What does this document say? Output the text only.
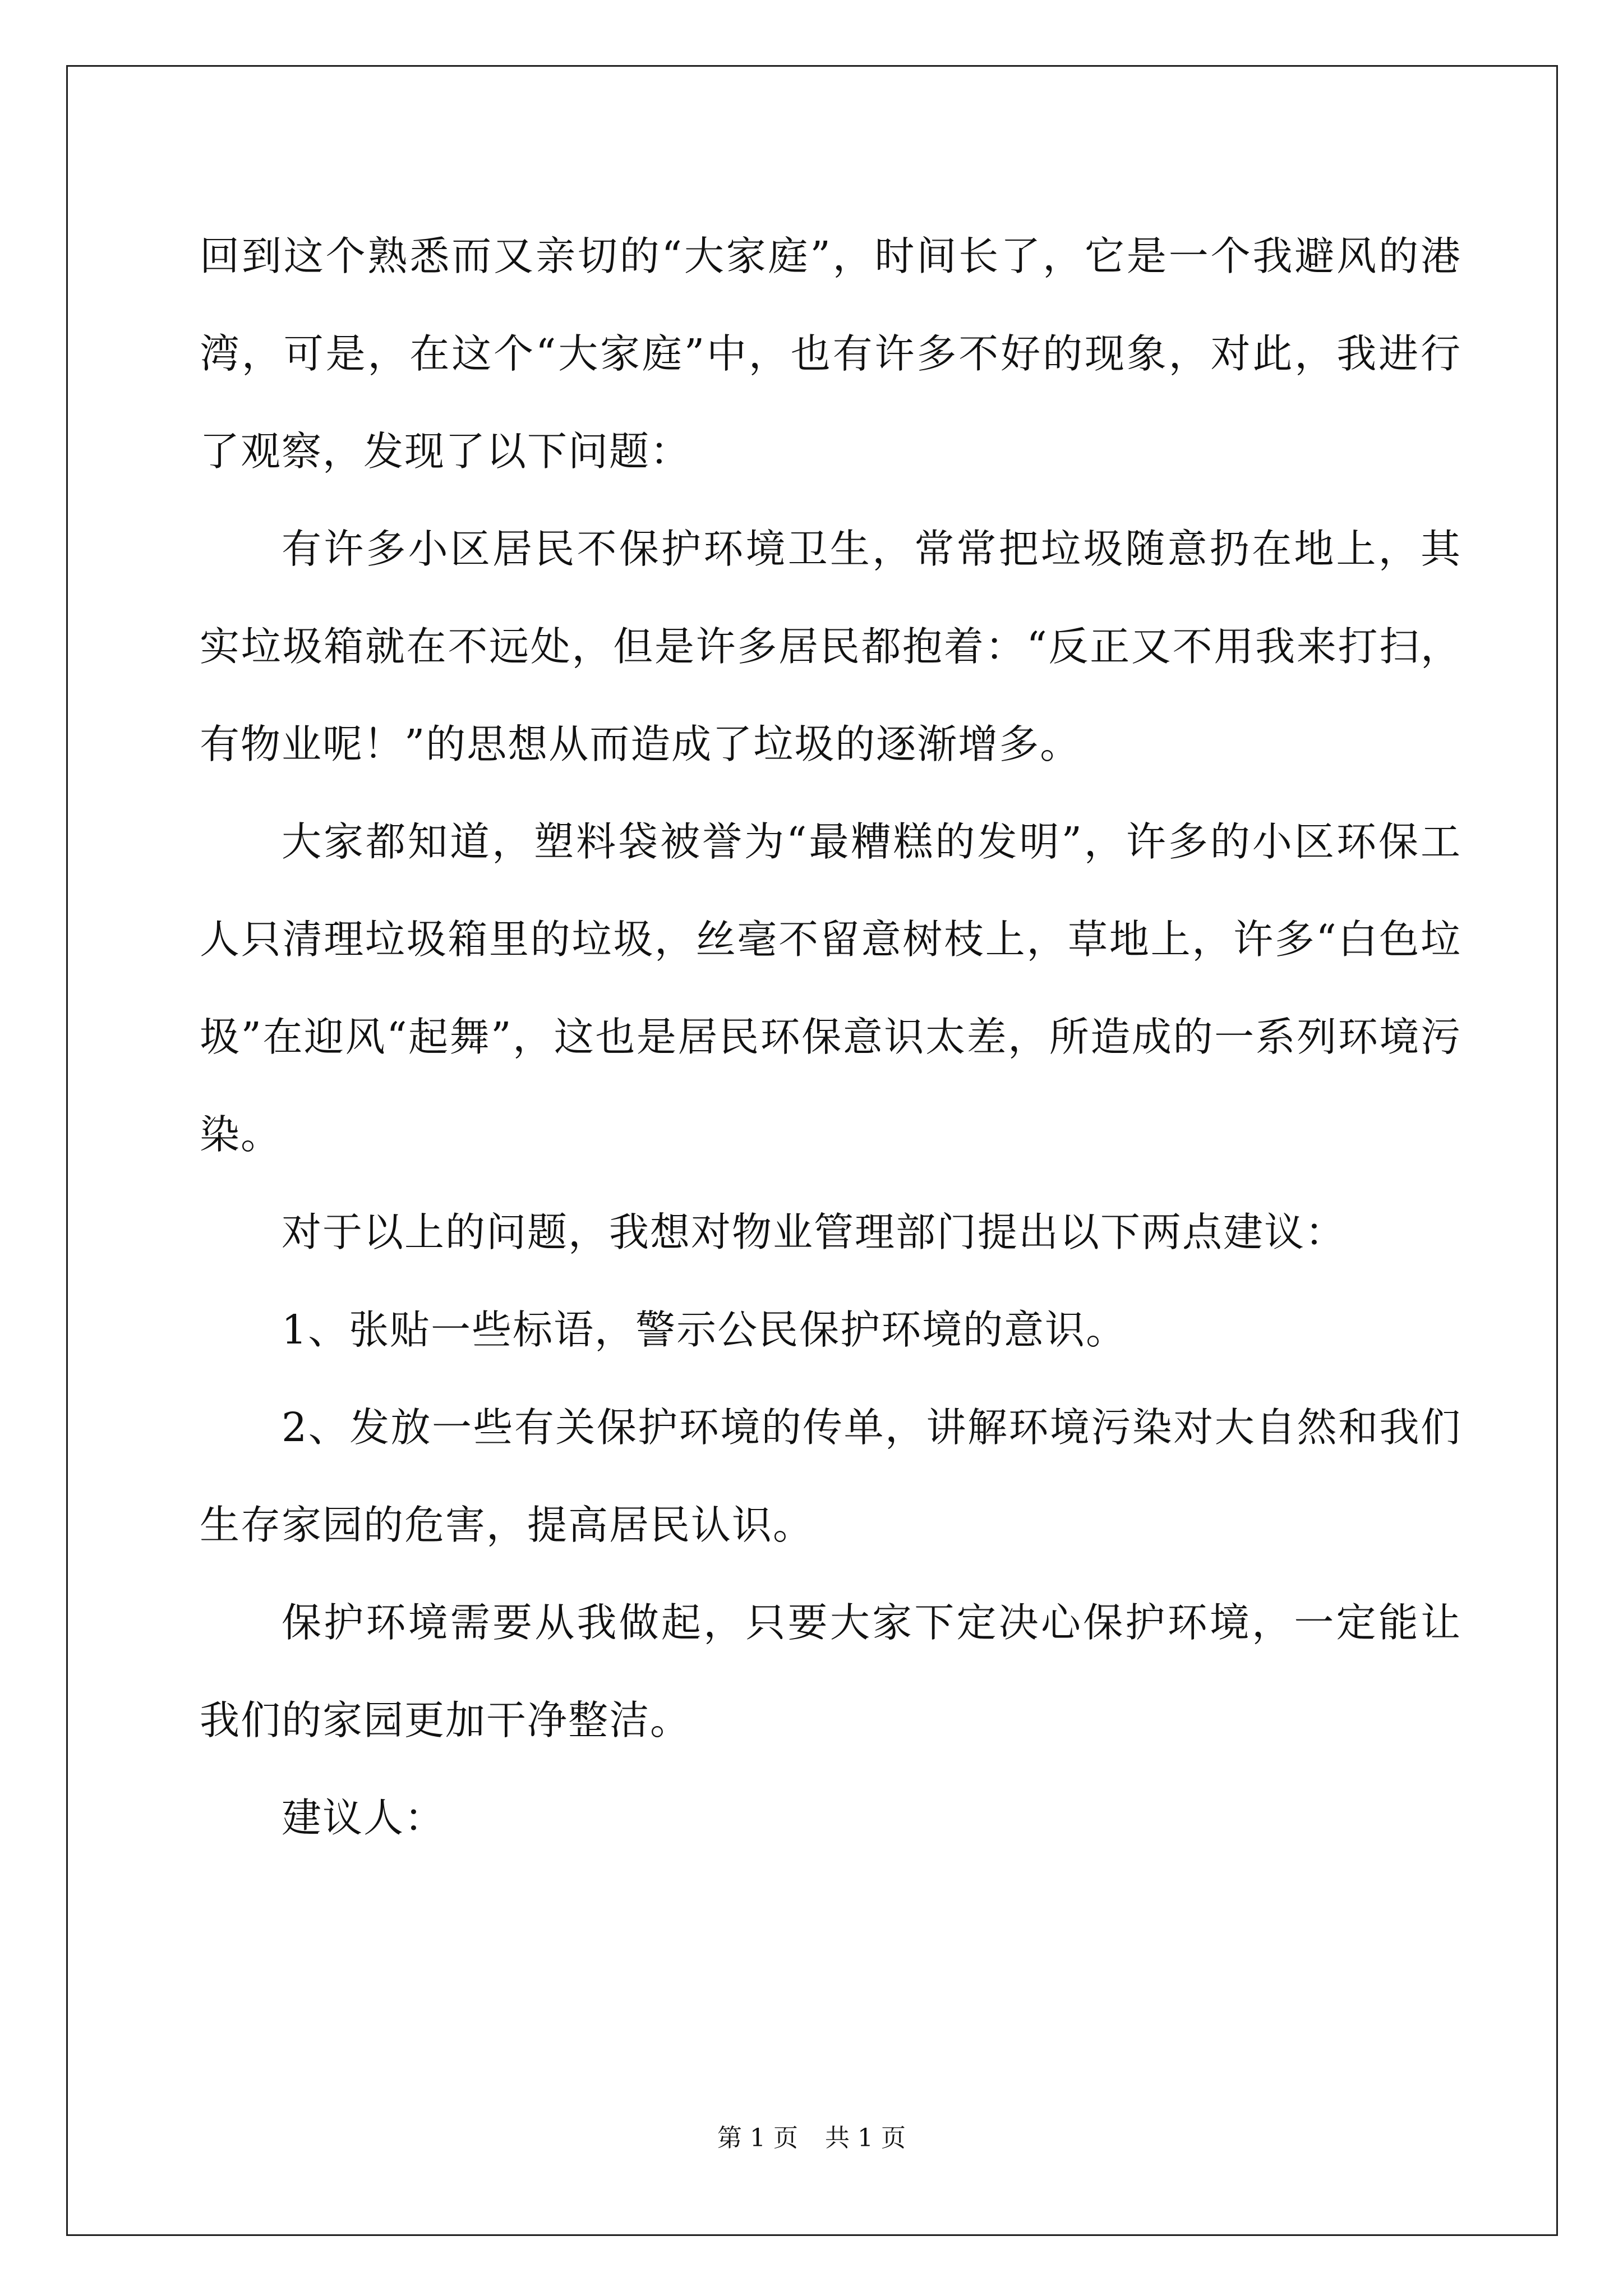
回到这个熟悉而又亲切的“大家庭”，时间长了，它是一个我避风的港湾，可是，在这个“大家庭”中，也有许多不好的现象，对此，我进行了观察，发现了以下问题：

有许多小区居民不保护环境卫生，常常把垃圾随意扔在地上，其实垃圾箱就在不远处，但是许多居民都抱着：“反正又不用我来打扫，有物业呢！”的思想从而造成了垃圾的逐渐增多。

大家都知道，塑料袋被誉为“最糟糕的发明”，许多的小区环保工人只清理垃圾箱里的垃圾，丝毫不留意树枝上，草地上，许多“白色垃圾”在迎风“起舞”，这也是居民环保意识太差，所造成的一系列环境污染。

对于以上的问题，我想对物业管理部门提出以下两点建议：

1、张贴一些标语，警示公民保护环境的意识。

2、发放一些有关保护环境的传单，讲解环境污染对大自然和我们生存家园的危害，提高居民认识。

保护环境需要从我做起，只要大家下定决心保护环境，一定能让我们的家园更加干净整洁。

建议人：

第 1 页 共 1 页
